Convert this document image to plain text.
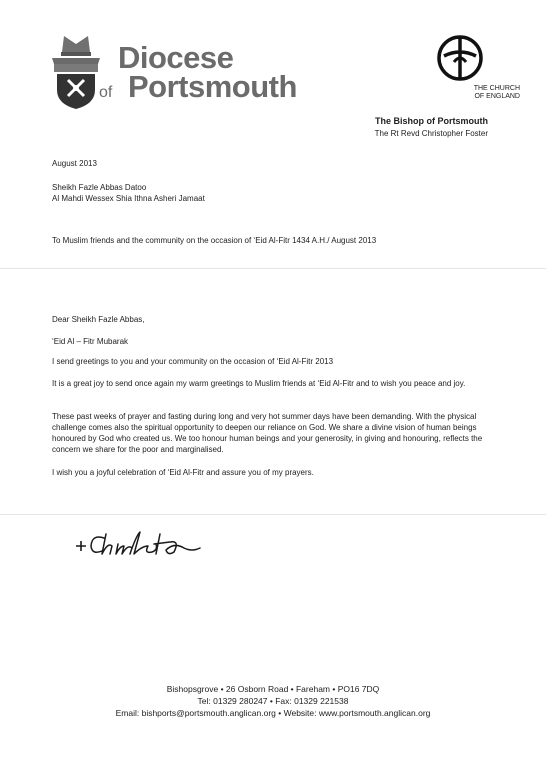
Diocese
of Portsmouth	THE CHURCH
OF ENGLAND
The Bishop of Portsmouth
The Rt Revd Christopher Foster
August 2013
Sheikh Fazle Abbas Datoo
Al Mahdi Wessex Shia Ithna Asheri Jamaat
To Muslim friends and the community on the occasion of ‘Eid Al-Fitr 1434 A.H./ August 2013
Dear Sheikh Fazle Abbas,
‘Eid Al – Fitr Mubarak
I send greetings to you and your community on the occasion of ‘Eid Al-Fitr 2013
It is a great joy to send once again my warm greetings to Muslim friends at ‘Eid Al-Fitr and to wish you peace and joy.
These past weeks of prayer and fasting during long and very hot summer days have been demanding. With the physical challenge comes also the spiritual opportunity to deepen our reliance on God. We share a divine vision of human beings honoured by God who created us. We too honour human beings and your generosity, in giving and honouring, reflects the concern we share for the poor and marginalised.
I wish you a joyful celebration of ‘Eid Al-Fitr and assure you of my prayers.
Bishopsgrove • 26 Osborn Road • Fareham • PO16 7DQ
Tel: 01329 280247 • Fax: 01329 221538
Email: bishports@portsmouth.anglican.org • Website: www.portsmouth.anglican.org
